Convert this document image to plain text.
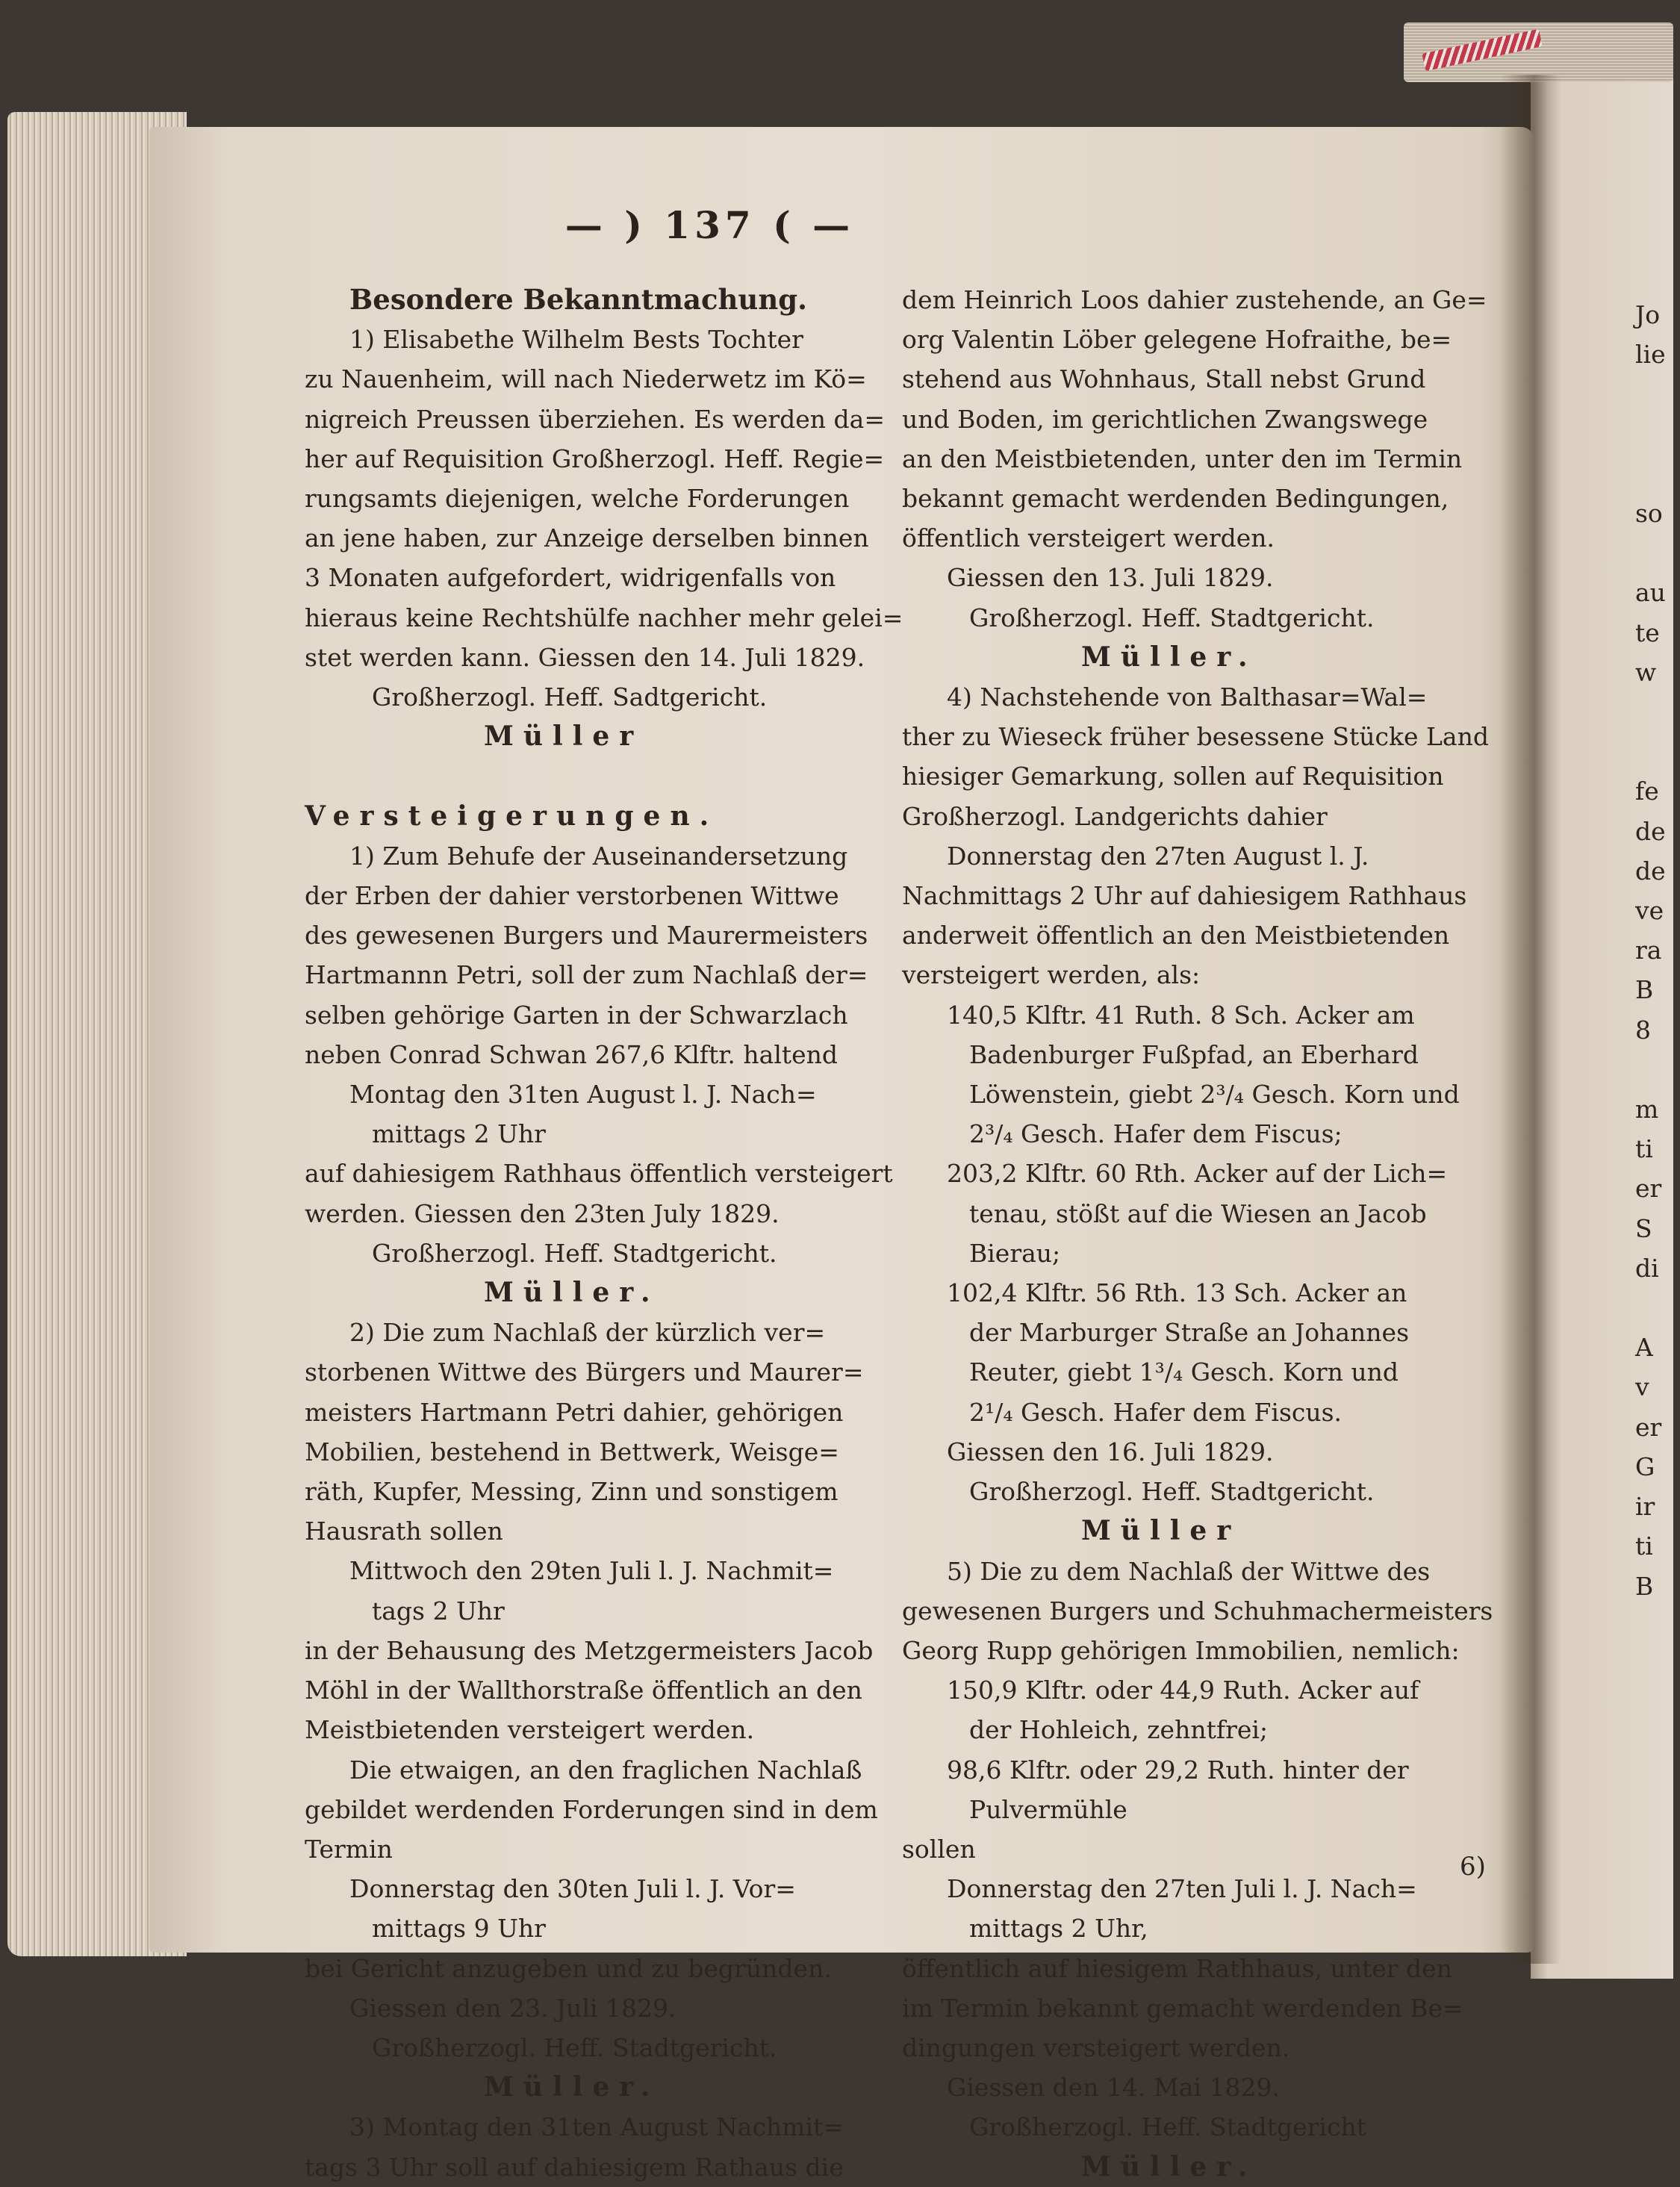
— ) 137 ( —

Besondere Bekanntmachung.

1) Elisabethe Wilhelm Bests Tochter

zu Nauenheim, will nach Niederwetz im Kö=

nigreich Preussen überziehen. Es werden da=

her auf Requisition Großherzogl. Heff. Regie=

rungsamts diejenigen, welche Forderungen

an jene haben, zur Anzeige derselben binnen

3 Monaten aufgefordert, widrigenfalls von

hieraus keine Rechtshülfe nachher mehr gelei=

stet werden kann. Giessen den 14. Juli 1829.

Großherzogl. Heff. Sadtgericht.

Müller

Versteigerungen.

1) Zum Behufe der Auseinandersetzung

der Erben der dahier verstorbenen Wittwe

des gewesenen Burgers und Maurermeisters

Hartmannn Petri, soll der zum Nachlaß der=

selben gehörige Garten in der Schwarzlach

neben Conrad Schwan 267,6 Klftr. haltend

Montag den 31ten August l. J. Nach=

mittags 2 Uhr

auf dahiesigem Rathhaus öffentlich versteigert

werden. Giessen den 23ten July 1829.

Großherzogl. Heff. Stadtgericht.

Müller.

2) Die zum Nachlaß der kürzlich ver=

storbenen Wittwe des Bürgers und Maurer=

meisters Hartmann Petri dahier, gehörigen

Mobilien, bestehend in Bettwerk, Weisge=

räth, Kupfer, Messing, Zinn und sonstigem

Hausrath sollen

Mittwoch den 29ten Juli l. J. Nachmit=

tags 2 Uhr

in der Behausung des Metzgermeisters Jacob

Möhl in der Wallthorstraße öffentlich an den

Meistbietenden versteigert werden.

Die etwaigen, an den fraglichen Nachlaß

gebildet werdenden Forderungen sind in dem

Termin

Donnerstag den 30ten Juli l. J. Vor=

mittags 9 Uhr

bei Gericht anzugeben und zu begründen.

Giessen den 23. Juli 1829.

Großherzogl. Heff. Stadtgericht.

Müller.

3) Montag den 31ten August Nachmit=

tags 3 Uhr soll auf dahiesigem Rathaus die

dem Heinrich Loos dahier zustehende, an Ge=

org Valentin Löber gelegene Hofraithe, be=

stehend aus Wohnhaus, Stall nebst Grund

und Boden, im gerichtlichen Zwangswege

an den Meistbietenden, unter den im Termin

bekannt gemacht werdenden Bedingungen,

öffentlich versteigert werden.

Giessen den 13. Juli 1829.

Großherzogl. Heff. Stadtgericht.

Müller.

4) Nachstehende von Balthasar=Wal=

ther zu Wieseck früher besessene Stücke Land

hiesiger Gemarkung, sollen auf Requisition

Großherzogl. Landgerichts dahier

Donnerstag den 27ten August l. J.

Nachmittags 2 Uhr auf dahiesigem Rathhaus

anderweit öffentlich an den Meistbietenden

versteigert werden, als:

140,5 Klftr. 41 Ruth. 8 Sch. Acker am

Badenburger Fußpfad, an Eberhard

Löwenstein, giebt 2³/₄ Gesch. Korn und

2³/₄ Gesch. Hafer dem Fiscus;

203,2 Klftr. 60 Rth. Acker auf der Lich=

tenau, stößt auf die Wiesen an Jacob

Bierau;

102,4 Klftr. 56 Rth. 13 Sch. Acker an

der Marburger Straße an Johannes

Reuter, giebt 1³/₄ Gesch. Korn und

2¹/₄ Gesch. Hafer dem Fiscus.

Giessen den 16. Juli 1829.

Großherzogl. Heff. Stadtgericht.

Müller

5) Die zu dem Nachlaß der Wittwe des

gewesenen Burgers und Schuhmachermeisters

Georg Rupp gehörigen Immobilien, nemlich:

150,9 Klftr. oder 44,9 Ruth. Acker auf

der Hohleich, zehntfrei;

98,6 Klftr. oder 29,2 Ruth. hinter der

Pulvermühle

sollen

Donnerstag den 27ten Juli l. J. Nach=

mittags 2 Uhr,

öffentlich auf hiesigem Rathhaus, unter den

im Termin bekannt gemacht werdenden Be=

dingungen versteigert werden.

Giessen den 14. Mai 1829.

Großherzogl. Heff. Stadtgericht

Müller.

Jo

lie

so

au

te

w

fe

de

de

ve

ra

B

8

m

ti

er

S

di

A

v

er

G

ir

ti

B

6)
